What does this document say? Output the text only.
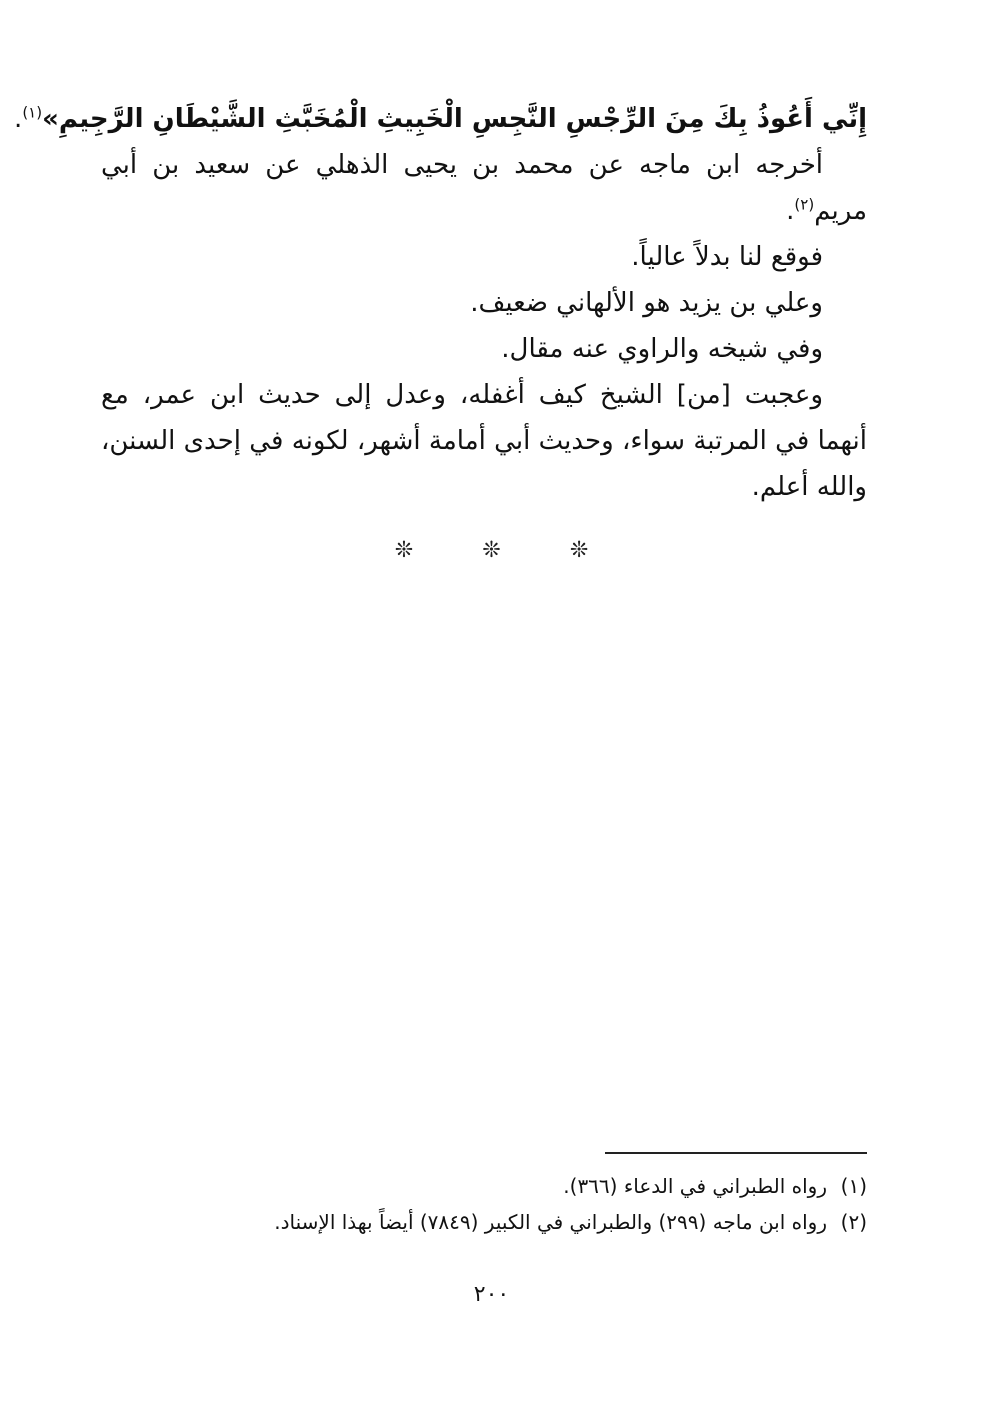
إِنِّي أَعُوذُ بِكَ مِنَ الرِّجْسِ النَّجِسِ الْخَبِيثِ الْمُخَبَّثِ الشَّيْطَانِ الرَّجِيمِ»$^{(١)}$.
أخرجه ابن ماجه عن محمد بن يحيى الذهلي عن سعيد بن أبي
مريم$^{(٢)}$.
فوقع لنا بدلاً عالياً.
وعلي بن يزيد هو الألهاني ضعيف.
وفي شيخه والراوي عنه مقال.
وعجبت [من] الشيخ كيف أغفله، وعدل إلى حديث ابن عمر، مع
أنهما في المرتبة سواء، وحديث أبي أمامة أشهر، لكونه في إحدى السنن،
والله أعلم.
❊	❊	❊
(١)رواه الطبراني في الدعاء (٣٦٦).
(٢)رواه ابن ماجه (٢٩٩) والطبراني في الكبير (٧٨٤٩) أيضاً بهذا الإسناد.
٢٠٠
